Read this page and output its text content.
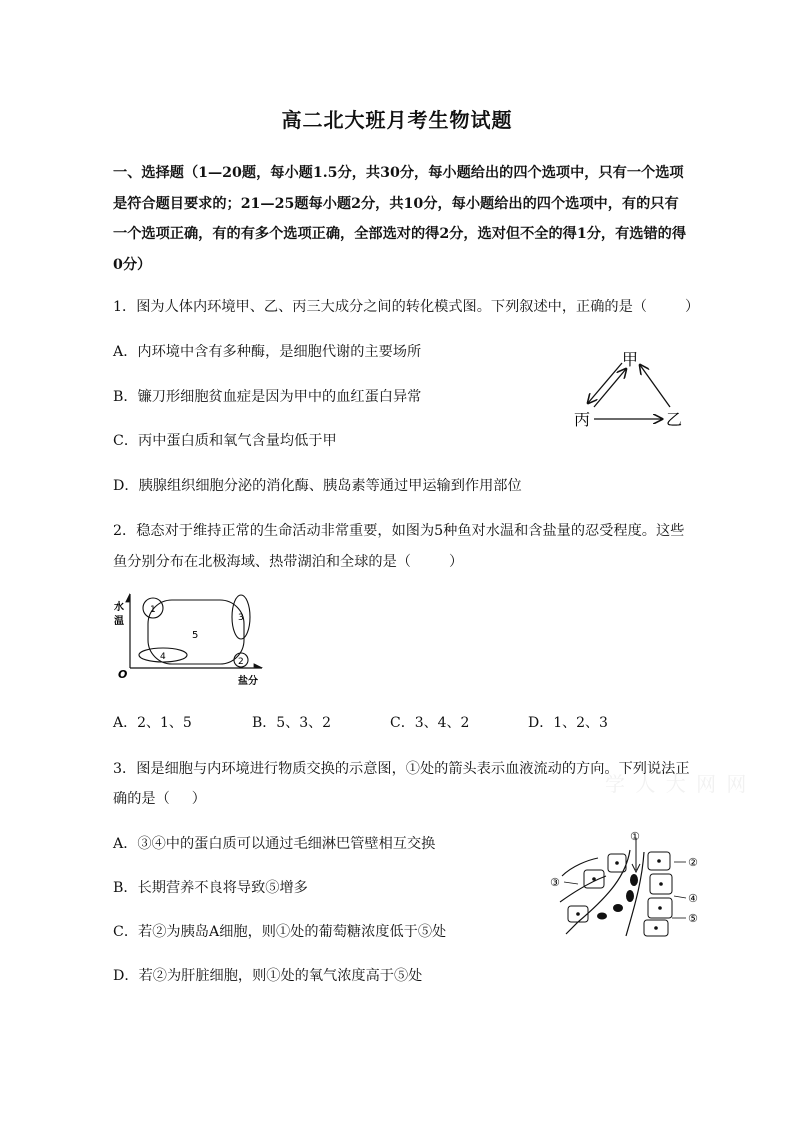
高二北大班月考生物试题
一、选择题（1—20题，每小题1.5分，共30分，每小题给出的四个选项中，只有一个选项是符合题目要求的；21—25题每小题2分，共10分，每小题给出的四个选项中，有的只有一个选项正确，有的有多个选项正确，全部选对的得2分，选对但不全的得1分，有选错的得0分）
1．图为人体内环境甲、乙、丙三大成分之间的转化模式图。下列叙述中，正确的是（	）
A．内环境中含有多种酶，是细胞代谢的主要场所
B．镰刀形细胞贫血症是因为甲中的血红蛋白异常
C．丙中蛋白质和氧气含量均低于甲
D．胰腺组织细胞分泌的消化酶、胰岛素等通过甲运输到作用部位
甲
丙	乙
2．稳态对于维持正常的生命活动非常重要，如图为5种鱼对水温和含盐量的忍受程度。这些
鱼分别分布在北极海域、热带湖泊和全球的是（	）
水
温
O
盐分
1
2
3
4
5
A．2、1、5	B．5、3、2	C．3、4、2	D．1、2、3
3．图是细胞与内环境进行物质交换的示意图，①处的箭头表示血液流动的方向。下列说法正
确的是（ ）
A．③④中的蛋白质可以通过毛细淋巴管壁相互交换
B．长期营养不良将导致⑤增多
C．若②为胰岛A细胞，则①处的葡萄糖浓度低于⑤处
D．若②为肝脏细胞，则①处的氧气浓度高于⑤处
①
②
③
④
⑤
学 人 大 网 网
